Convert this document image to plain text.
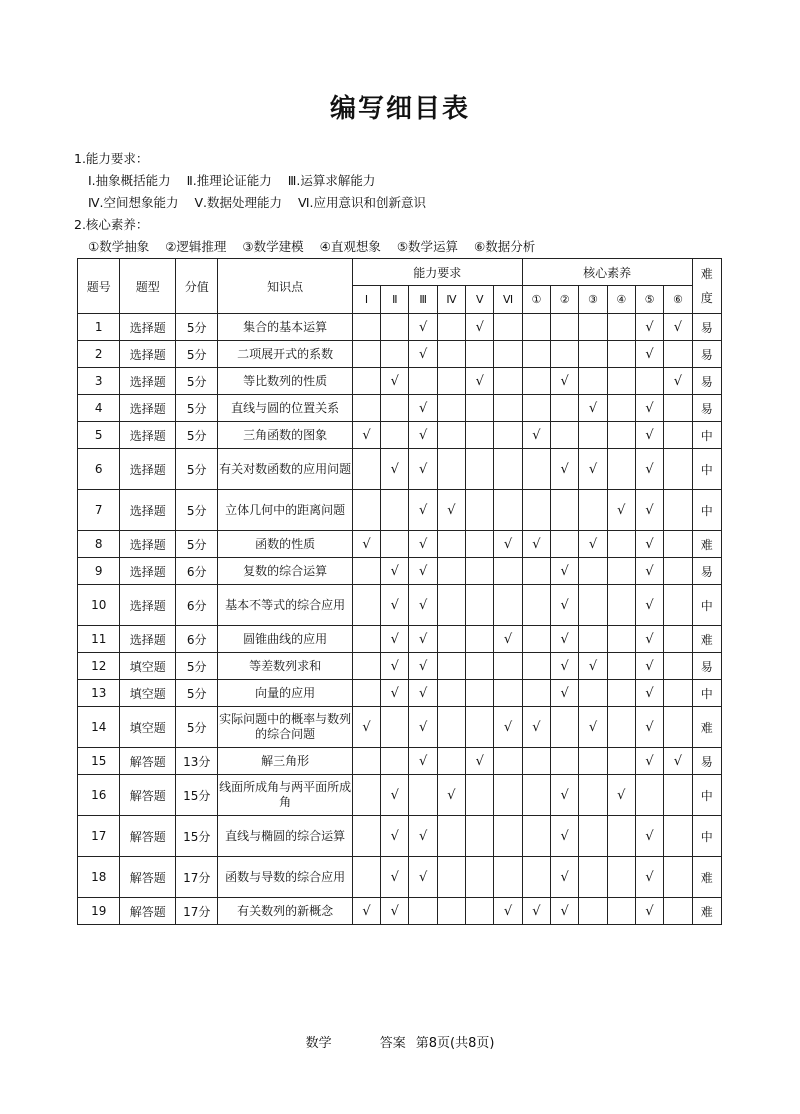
编写细目表
1.能力要求：
Ⅰ.抽象概括能力 Ⅱ.推理论证能力 Ⅲ.运算求解能力
Ⅳ.空间想象能力 Ⅴ.数据处理能力 Ⅵ.应用意识和创新意识
2.核心素养：
①数学抽象 ②逻辑推理 ③数学建模 ④直观想象 ⑤数学运算 ⑥数据分析
题号	题型	分值	知识点	能力要求						核心素养						难度
				Ⅰ	Ⅱ	Ⅲ	Ⅳ	Ⅴ	Ⅵ	①	②	③	④	⑤	⑥	
1	选择题	5分	集合的基本运算			√		√						√	√	易
2	选择题	5分	二项展开式的系数			√								√		易
3	选择题	5分	等比数列的性质		√			√			√				√	易
4	选择题	5分	直线与圆的位置关系			√						√		√		易
5	选择题	5分	三角函数的图象	√		√				√				√		中
6	选择题	5分	有关对数函数的应用问题		√	√					√	√		√		中
7	选择题	5分	立体几何中的距离问题			√	√						√	√		中
8	选择题	5分	函数的性质	√		√			√	√		√		√		难
9	选择题	6分	复数的综合运算		√	√					√			√		易
10	选择题	6分	基本不等式的综合应用		√	√					√			√		中
11	选择题	6分	圆锥曲线的应用		√	√			√		√			√		难
12	填空题	5分	等差数列求和		√	√					√	√		√		易
13	填空题	5分	向量的应用		√	√					√			√		中
14	填空题	5分	实际问题中的概率与数列的综合问题	√		√			√	√		√		√		难
15	解答题	13分	解三角形			√		√						√	√	易
16	解答题	15分	线面所成角与两平面所成角		√		√				√		√			中
17	解答题	15分	直线与椭圆的综合运算		√	√					√			√		中
18	解答题	17分	函数与导数的综合应用		√	√					√			√		难
19	解答题	17分	有关数列的新概念	√	√				√	√	√			√		难
数学	答案 第8页(共8页)
